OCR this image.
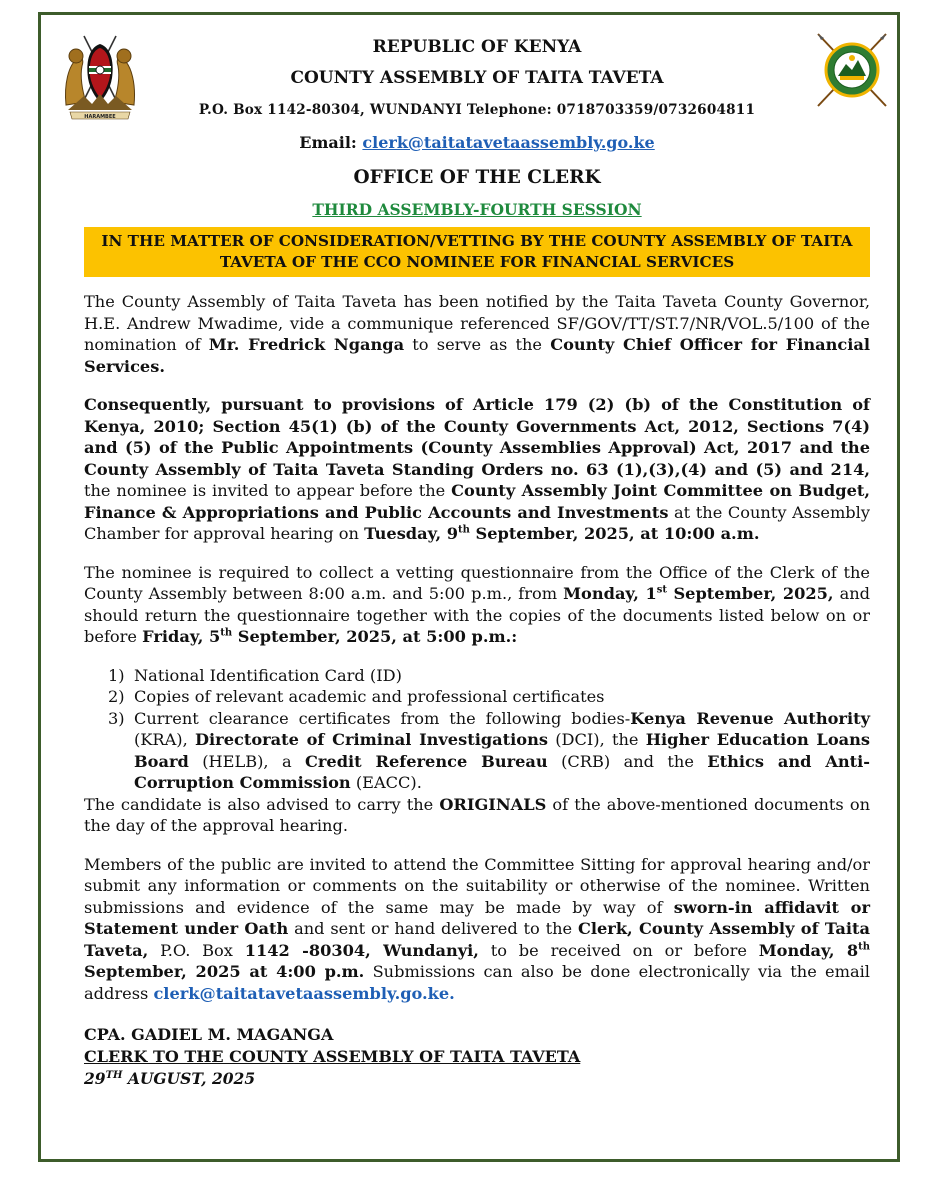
HARAMBEE
REPUBLIC OF KENYA
COUNTY ASSEMBLY OF TAITA TAVETA
P.O. Box 1142-80304, WUNDANYI Telephone: 0718703359/0732604811
Email: clerk@taitatavetaassembly.go.ke
OFFICE OF THE CLERK
THIRD ASSEMBLY-FOURTH SESSION
IN THE MATTER OF CONSIDERATION/VETTING BY THE COUNTY ASSEMBLY OF TAITA TAVETA OF THE CCO NOMINEE FOR FINANCIAL SERVICES

The County Assembly of Taita Taveta has been notified by the Taita Taveta County Governor, H.E. Andrew Mwadime, vide a communique referenced SF/GOV/TT/ST.7/NR/VOL.5/100 of the nomination of Mr. Fredrick Nganga to serve as the County Chief Officer for Financial Services.

Consequently, pursuant to provisions of Article 179 (2) (b) of the Constitution of Kenya, 2010; Section 45(1) (b) of the County Governments Act, 2012, Sections 7(4) and (5) of the Public Appointments (County Assemblies Approval) Act, 2017 and the County Assembly of Taita Taveta Standing Orders no. 63 (1),(3),(4) and (5) and 214, the nominee is invited to appear before the County Assembly Joint Committee on Budget, Finance & Appropriations and Public Accounts and Investments at the County Assembly Chamber for approval hearing on Tuesday, 9th September, 2025, at 10:00 a.m.

The nominee is required to collect a vetting questionnaire from the Office of the Clerk of the County Assembly between 8:00 a.m. and 5:00 p.m., from Monday, 1st September, 2025, and should return the questionnaire together with the copies of the documents listed below on or before Friday, 5th September, 2025, at 5:00 p.m.:

1) National Identification Card (ID)
2) Copies of relevant academic and professional certificates
3) Current clearance certificates from the following bodies-Kenya Revenue Authority (KRA), Directorate of Criminal Investigations (DCI), the Higher Education Loans Board (HELB), a Credit Reference Bureau (CRB) and the Ethics and Anti- Corruption Commission (EACC).

The candidate is also advised to carry the ORIGINALS of the above-mentioned documents on the day of the approval hearing.

Members of the public are invited to attend the Committee Sitting for approval hearing and/or submit any information or comments on the suitability or otherwise of the nominee. Written submissions and evidence of the same may be made by way of sworn-in affidavit or Statement under Oath and sent or hand delivered to the Clerk, County Assembly of Taita Taveta, P.O. Box 1142 -80304, Wundanyi, to be received on or before Monday, 8th September, 2025 at 4:00 p.m. Submissions can also be done electronically via the email address clerk@taitatavetaassembly.go.ke.

CPA. GADIEL M. MAGANGA
CLERK TO THE COUNTY ASSEMBLY OF TAITA TAVETA
29TH AUGUST, 2025
